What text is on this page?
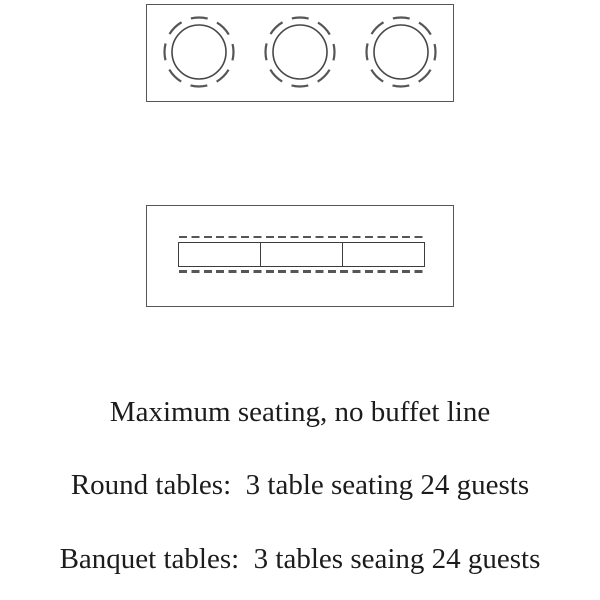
Maximum seating, no buffet line
Round tables:  3 table seating 24 guests
Banquet tables:  3 tables seaing 24 guests
